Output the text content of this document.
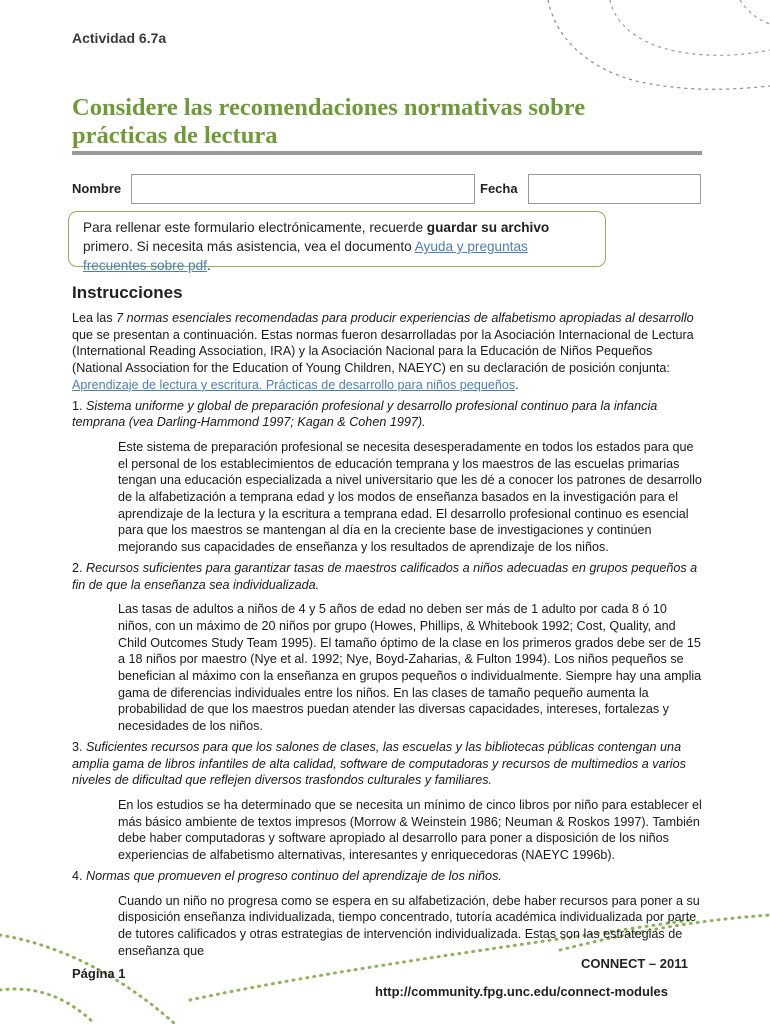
Actividad 6.7a
Considere las recomendaciones normativas sobre
prácticas de lectura
Nombre	Fecha
Para rellenar este formulario electrónicamente, recuerde guardar su archivo primero. Si necesita más asistencia, vea el documento Ayuda y preguntas frecuentes sobre pdf.
Instrucciones

Lea las 7 normas esenciales recomendadas para producir experiencias de alfabetismo apropiadas al desarrollo que se presentan a continuación. Estas normas fueron desarrolladas por la Asociación Internacional de Lectura (International Reading Association, IRA) y la Asociación Nacional para la Educación de Niños Pequeños (National Association for the Education of Young Children, NAEYC) en su declaración de posición conjunta: Aprendizaje de lectura y escritura. Prácticas de desarrollo para niños pequeños.

1. Sistema uniforme y global de preparación profesional y desarrollo profesional continuo para la infancia temprana (vea Darling-Hammond 1997; Kagan & Cohen 1997).

Este sistema de preparación profesional se necesita desesperadamente en todos los estados para que el personal de los establecimientos de educación temprana y los maestros de las escuelas primarias tengan una educación especializada a nivel universitario que les dé a conocer los patrones de desarrollo de la alfabetización a temprana edad y los modos de enseñanza basados en la investigación para el aprendizaje de la lectura y la escritura a temprana edad. El desarrollo profesional continuo es esencial para que los maestros se mantengan al día en la creciente base de investigaciones y continúen mejorando sus capacidades de enseñanza y los resultados de aprendizaje de los niños.

2. Recursos suficientes para garantizar tasas de maestros calificados a niños adecuadas en grupos pequeños a fin de que la enseñanza sea individualizada.

Las tasas de adultos a niños de 4 y 5 años de edad no deben ser más de 1 adulto por cada 8 ó 10 niños, con un máximo de 20 niños por grupo (Howes, Phillips, & Whitebook 1992; Cost, Quality, and Child Outcomes Study Team 1995). El tamaño óptimo de la clase en los primeros grados debe ser de 15 a 18 niños por maestro (Nye et al. 1992; Nye, Boyd-Zaharias, & Fulton 1994). Los niños pequeños se benefician al máximo con la enseñanza en grupos pequeños o individualmente. Siempre hay una amplia gama de diferencias individuales entre los niños. En las clases de tamaño pequeño aumenta la probabilidad de que los maestros puedan atender las diversas capacidades, intereses, fortalezas y necesidades de los niños.

3. Suficientes recursos para que los salones de clases, las escuelas y las bibliotecas públicas contengan una amplia gama de libros infantiles de alta calidad, software de computadoras y recursos de multimedios a varios niveles de dificultad que reflejen diversos trasfondos culturales y familiares.

En los estudios se ha determinado que se necesita un mínimo de cinco libros por niño para establecer el más básico ambiente de textos impresos (Morrow & Weinstein 1986; Neuman & Roskos 1997). También debe haber computadoras y software apropiado al desarrollo para poner a disposición de los niños experiencias de alfabetismo alternativas, interesantes y enriquecedoras (NAEYC 1996b).

4. Normas que promueven el progreso continuo del aprendizaje de los niños.

Cuando un niño no progresa como se espera en su alfabetización, debe haber recursos para poner a su disposición enseñanza individualizada, tiempo concentrado, tutoría académica individualizada por parte de tutores calificados y otras estrategias de intervención individualizada. Estas son las estrategias de enseñanza que

Página 1
CONNECT – 2011
http://community.fpg.unc.edu/connect-modules
